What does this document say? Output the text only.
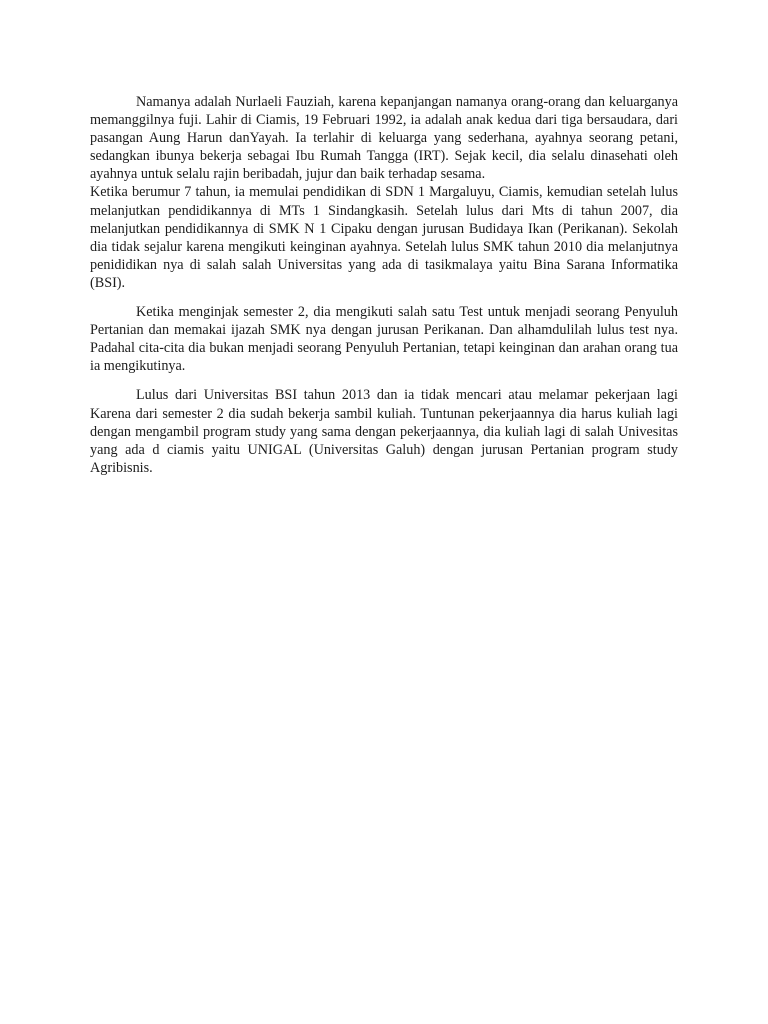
Namanya adalah Nurlaeli Fauziah, karena kepanjangan namanya orang-orang dan keluarganya memanggilnya fuji. Lahir di Ciamis, 19 Februari 1992, ia adalah anak kedua dari tiga bersaudara, dari pasangan Aung Harun danYayah. Ia terlahir di keluarga yang sederhana, ayahnya seorang petani, sedangkan ibunya bekerja sebagai Ibu Rumah Tangga (IRT). Sejak kecil, dia selalu dinasehati oleh ayahnya untuk selalu rajin beribadah, jujur dan baik terhadap sesama.

Ketika berumur 7 tahun, ia memulai pendidikan di SDN 1 Margaluyu, Ciamis, kemudian setelah lulus melanjutkan pendidikannya di MTs 1 Sindangkasih. Setelah lulus dari Mts di tahun 2007, dia melanjutkan pendidikannya di SMK N 1 Cipaku dengan jurusan Budidaya Ikan (Perikanan). Sekolah dia tidak sejalur karena mengikuti keinginan ayahnya. Setelah lulus SMK tahun 2010 dia melanjutnya penididikan nya di salah salah Universitas yang ada di tasikmalaya yaitu Bina Sarana Informatika (BSI).

Ketika menginjak semester 2, dia mengikuti salah satu Test untuk menjadi seorang Penyuluh Pertanian dan memakai ijazah SMK nya dengan jurusan Perikanan. Dan alhamdulilah lulus test nya. Padahal cita-cita dia bukan menjadi seorang Penyuluh Pertanian, tetapi keinginan dan arahan orang tua ia mengikutinya.

Lulus dari Universitas BSI tahun 2013 dan ia tidak mencari atau melamar pekerjaan lagi Karena dari semester 2 dia sudah bekerja sambil kuliah. Tuntunan pekerjaannya dia harus kuliah lagi dengan mengambil program study yang sama dengan pekerjaannya, dia kuliah lagi di salah Univesitas yang ada d ciamis yaitu UNIGAL (Universitas Galuh) dengan jurusan Pertanian program study Agribisnis.
